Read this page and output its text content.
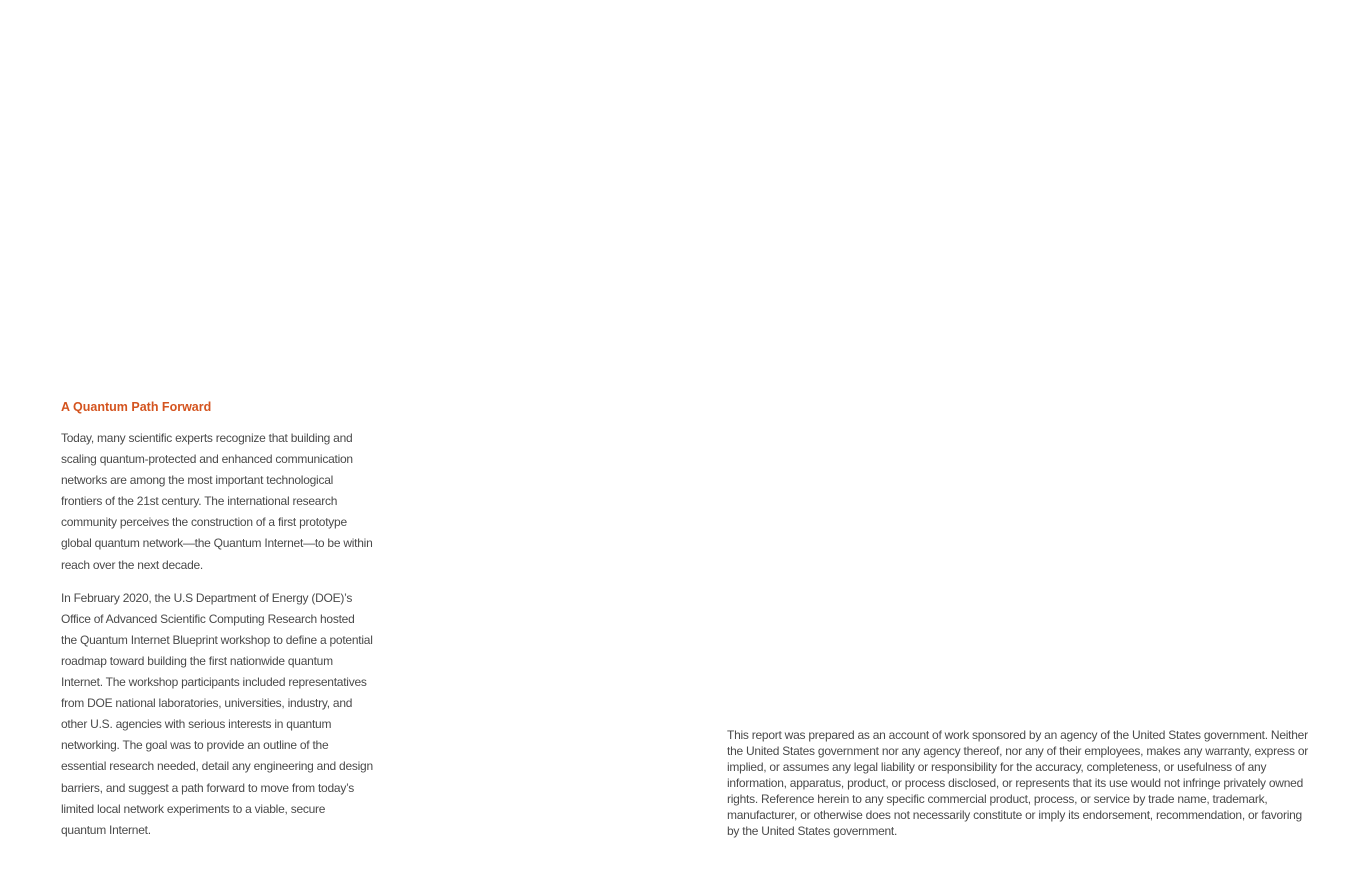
A Quantum Path Forward

Today, many scientific experts recognize that building and scaling quantum-protected and enhanced communication networks are among the most important technological frontiers of the 21st century. The international research community perceives the construction of a first prototype global quantum network—the Quantum Internet—to be within reach over the next decade.

In February 2020, the U.S Department of Energy (DOE)’s Office of Advanced Scientific Computing Research hosted the Quantum Internet Blueprint workshop to define a potential roadmap toward building the first nationwide quantum Internet. The workshop participants included representatives from DOE national laboratories, universities, industry, and other U.S. agencies with serious interests in quantum networking. The goal was to provide an outline of the essential research needed, detail any engineering and design barriers, and suggest a path forward to move from today’s limited local network experiments to a viable, secure quantum Internet.

This report was prepared as an account of work sponsored by an agency of the United States government. Neither the United States government nor any agency thereof, nor any of their employees, makes any warranty, express or implied, or assumes any legal liability or responsibility for the accuracy, completeness, or usefulness of any information, apparatus, product, or process disclosed, or represents that its use would not infringe privately owned rights. Reference herein to any specific commercial product, process, or service by trade name, trademark, manufacturer, or otherwise does not necessarily constitute or imply its endorsement, recommendation, or favoring by the United States government.
